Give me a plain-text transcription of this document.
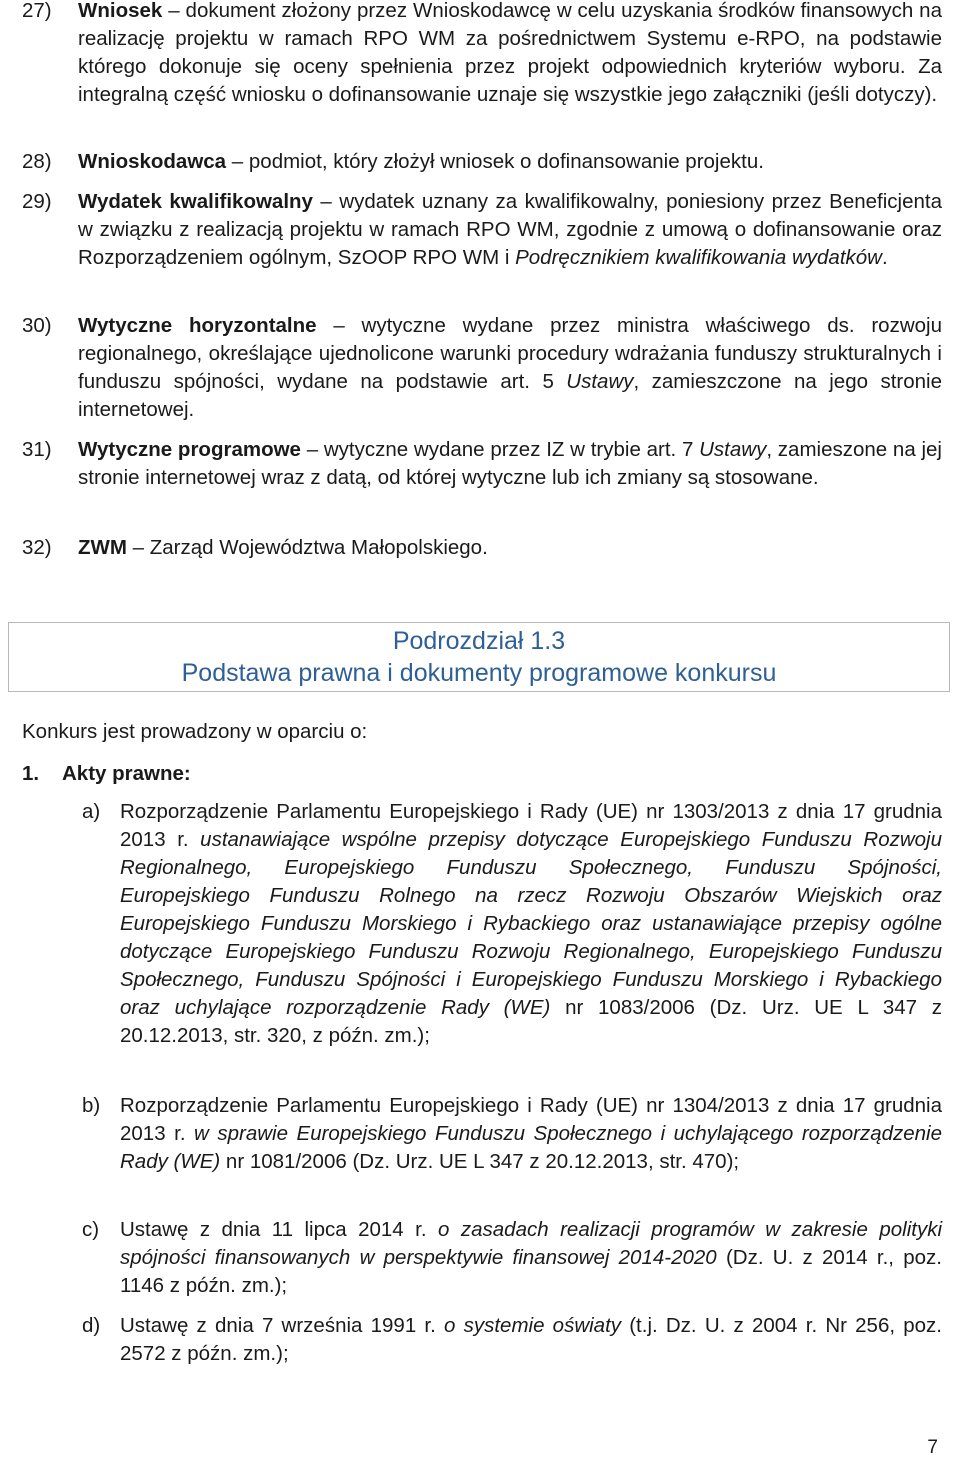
27)	Wniosek – dokument złożony przez Wnioskodawcę w celu uzyskania środków finansowych na realizację projektu w ramach RPO WM za pośrednictwem Systemu e-RPO, na podstawie którego dokonuje się oceny spełnienia przez projekt odpowiednich kryteriów wyboru. Za integralną część wniosku o dofinansowanie uznaje się wszystkie jego załączniki (jeśli dotyczy).
28)	Wnioskodawca – podmiot, który złożył wniosek o dofinansowanie projektu.
29)	Wydatek kwalifikowalny – wydatek uznany za kwalifikowalny, poniesiony przez Beneficjenta w związku z realizacją projektu w ramach RPO WM, zgodnie z umową o dofinansowanie oraz Rozporządzeniem ogólnym, SzOOP RPO WM i Podręcznikiem kwalifikowania wydatków.
30)	Wytyczne horyzontalne – wytyczne wydane przez ministra właściwego ds. rozwoju regionalnego, określające ujednolicone warunki procedury wdrażania funduszy strukturalnych i funduszu spójności, wydane na podstawie art. 5 Ustawy, zamieszczone na jego stronie internetowej.
31)	Wytyczne programowe – wytyczne wydane przez IZ w trybie art. 7 Ustawy, zamieszone na jej stronie internetowej wraz z datą, od której wytyczne lub ich zmiany są stosowane.
32)	ZWM – Zarząd Województwa Małopolskiego.
Podrozdział 1.3
Podstawa prawna i dokumenty programowe konkursu
Konkurs jest prowadzony w oparciu o:
1. Akty prawne:
a) Rozporządzenie Parlamentu Europejskiego i Rady (UE) nr 1303/2013 z dnia 17 grudnia 2013 r. ustanawiające wspólne przepisy dotyczące Europejskiego Funduszu Rozwoju Regionalnego, Europejskiego Funduszu Społecznego, Funduszu Spójności, Europejskiego Funduszu Rolnego na rzecz Rozwoju Obszarów Wiejskich oraz Europejskiego Funduszu Morskiego i Rybackiego oraz ustanawiające przepisy ogólne dotyczące Europejskiego Funduszu Rozwoju Regionalnego, Europejskiego Funduszu Społecznego, Funduszu Spójności i Europejskiego Funduszu Morskiego i Rybackiego oraz uchylające rozporządzenie Rady (WE) nr 1083/2006 (Dz. Urz. UE L 347 z 20.12.2013, str. 320, z późn. zm.);
b) Rozporządzenie Parlamentu Europejskiego i Rady (UE) nr 1304/2013 z dnia 17 grudnia 2013 r. w sprawie Europejskiego Funduszu Społecznego i uchylającego rozporządzenie Rady (WE) nr 1081/2006 (Dz. Urz. UE L 347 z 20.12.2013, str. 470);
c)	Ustawę z dnia 11 lipca 2014 r. o zasadach realizacji programów w zakresie polityki spójności finansowanych w perspektywie finansowej 2014-2020 (Dz. U. z 2014 r., poz. 1146 z późn. zm.);
d) Ustawę z dnia 7 września 1991 r. o systemie oświaty (t.j. Dz. U. z 2004 r. Nr 256, poz. 2572 z późn. zm.);
7
